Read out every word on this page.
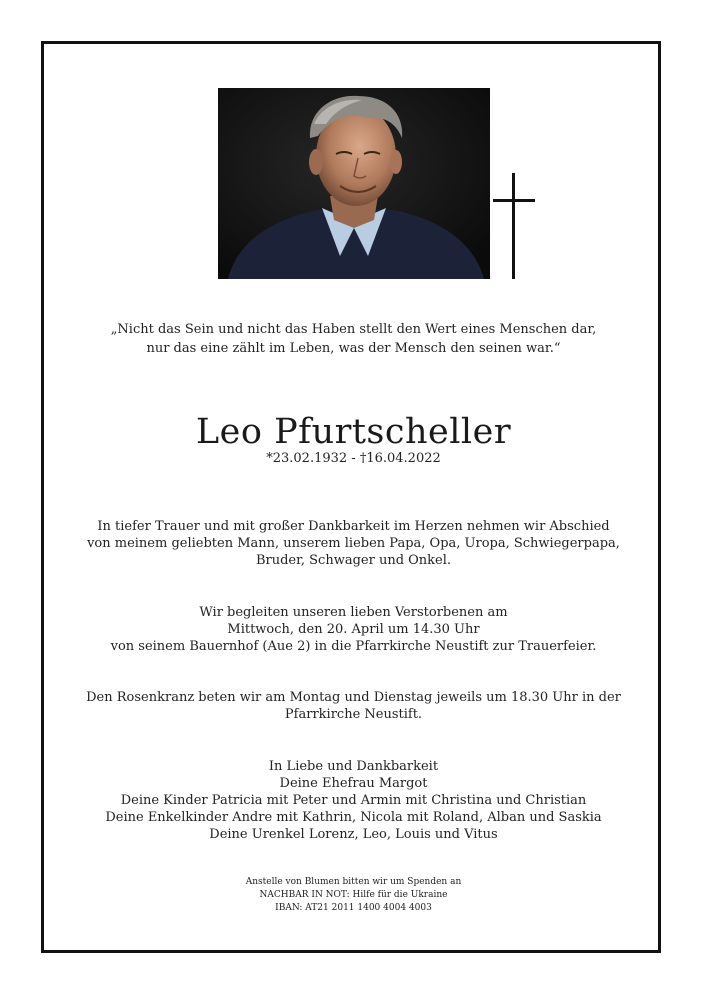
„Nicht das Sein und nicht das Haben stellt den Wert eines Menschen dar,
nur das eine zählt im Leben, was der Mensch den seinen war.“
Leo Pfurtscheller
*23.02.1932 - †16.04.2022
In tiefer Trauer und mit großer Dankbarkeit im Herzen nehmen wir Abschied
von meinem geliebten Mann, unserem lieben Papa, Opa, Uropa, Schwiegerpapa,
Bruder, Schwager und Onkel.
Wir begleiten unseren lieben Verstorbenen am
Mittwoch, den 20. April um 14.30 Uhr
von seinem Bauernhof (Aue 2) in die Pfarrkirche Neustift zur Trauerfeier.
Den Rosenkranz beten wir am Montag und Dienstag jeweils um 18.30 Uhr in der
Pfarrkirche Neustift.
In Liebe und Dankbarkeit
Deine Ehefrau Margot
Deine Kinder Patricia mit Peter und Armin mit Christina und Christian
Deine Enkelkinder Andre mit Kathrin, Nicola mit Roland, Alban und Saskia
Deine Urenkel Lorenz, Leo, Louis und Vitus
Anstelle von Blumen bitten wir um Spenden an
NACHBAR IN NOT: Hilfe für die Ukraine
IBAN: AT21 2011 1400 4004 4003
